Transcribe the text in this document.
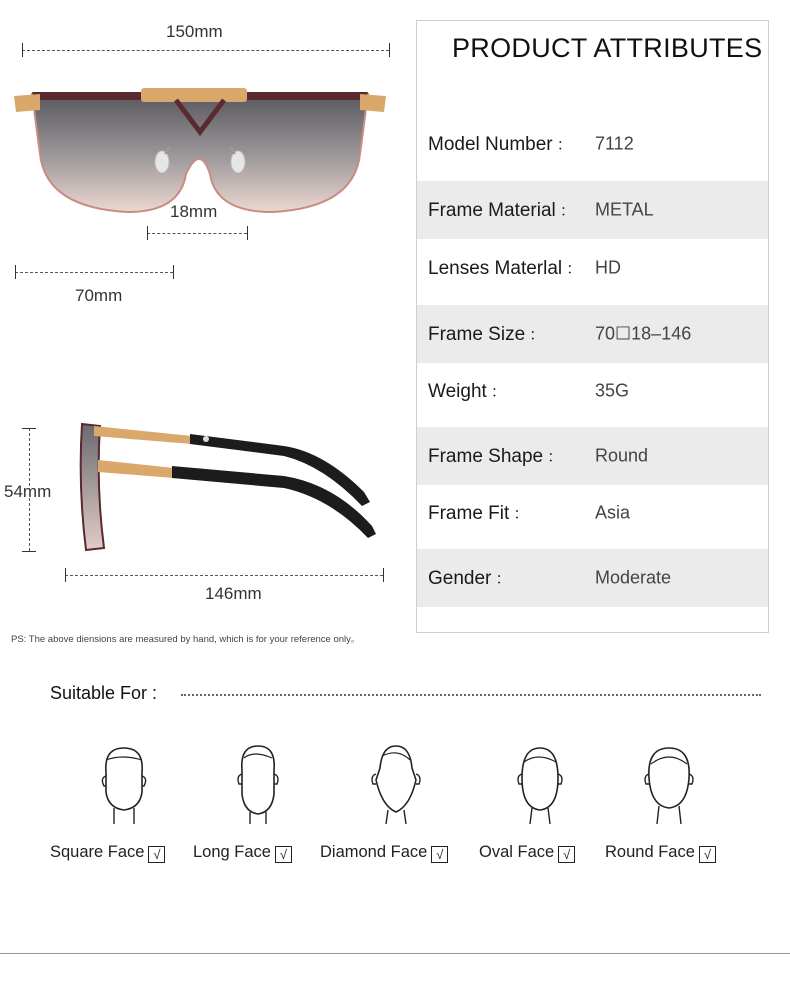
150mm
18mm
70mm
54mm
146mm
PS: The above diensions are measured by hand, which is for your reference only。
PRODUCT ATTRIBUTES
Model Number ： 7112
Frame Material ： METAL
Lenses Materlal ： HD
Frame Size ：	70☐18–146
Weight ：	35G
Frame Shape ： Round
Frame Fit ：	Asia
Gender ：	Moderate
Suitable For :
Square Face √ Long Face √ Diamond Face √ Oval Face √ Round Face √
